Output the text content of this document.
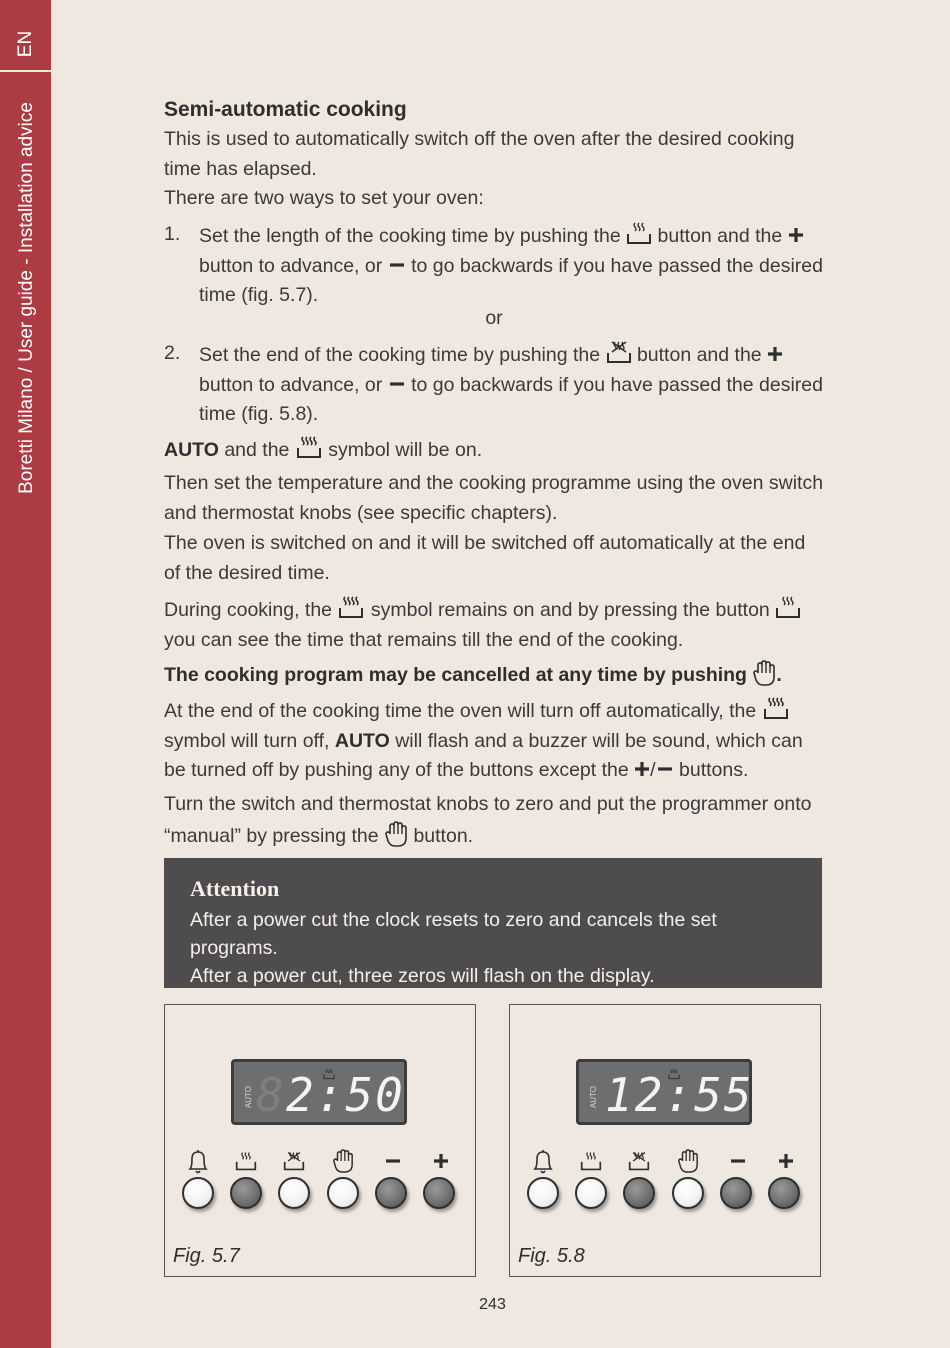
EN
Boretti Milano / User guide - Installation advice	Semi-automatic cooking

This is used to automatically switch off the oven after the desired cooking time has elapsed.

There are two ways to set your oven:

1. Set the length of the cooking time by pushing the button and the  button to advance, or to go backwards if you have passed the desired time (fig. 5.7).

or

2. Set the end of the cooking time by pushing the button and the  button to advance, or to go backwards if you have passed the desired time (fig. 5.8).

AUTO and the symbol will be on.

Then set the temperature and the cooking programme using the oven switch and thermostat knobs (see specific chapters).

The oven is switched on and it will be switched off automatically at the end of the desired time.

During cooking, the symbol remains on and by pressing the button  you can see the time that remains till the end of the cooking.

The cooking program may be cancelled at any time by pushing .

At the end of the cooking time the oven will turn off automatically, the  symbol will turn off, AUTO will flash and a buzzer will be sound, which can be turned off by pushing any of the buttons except the / buttons.

Turn the switch and thermostat knobs to zero and put the programmer onto “manual” by pressing the button.

Attention

After a power cut the clock resets to zero and cancels the set programs.

After a power cut, three zeros will flash on the display.

AUTO 8 2:50
Fig. 5.7
AUTO 12:55
Fig. 5.8
243
